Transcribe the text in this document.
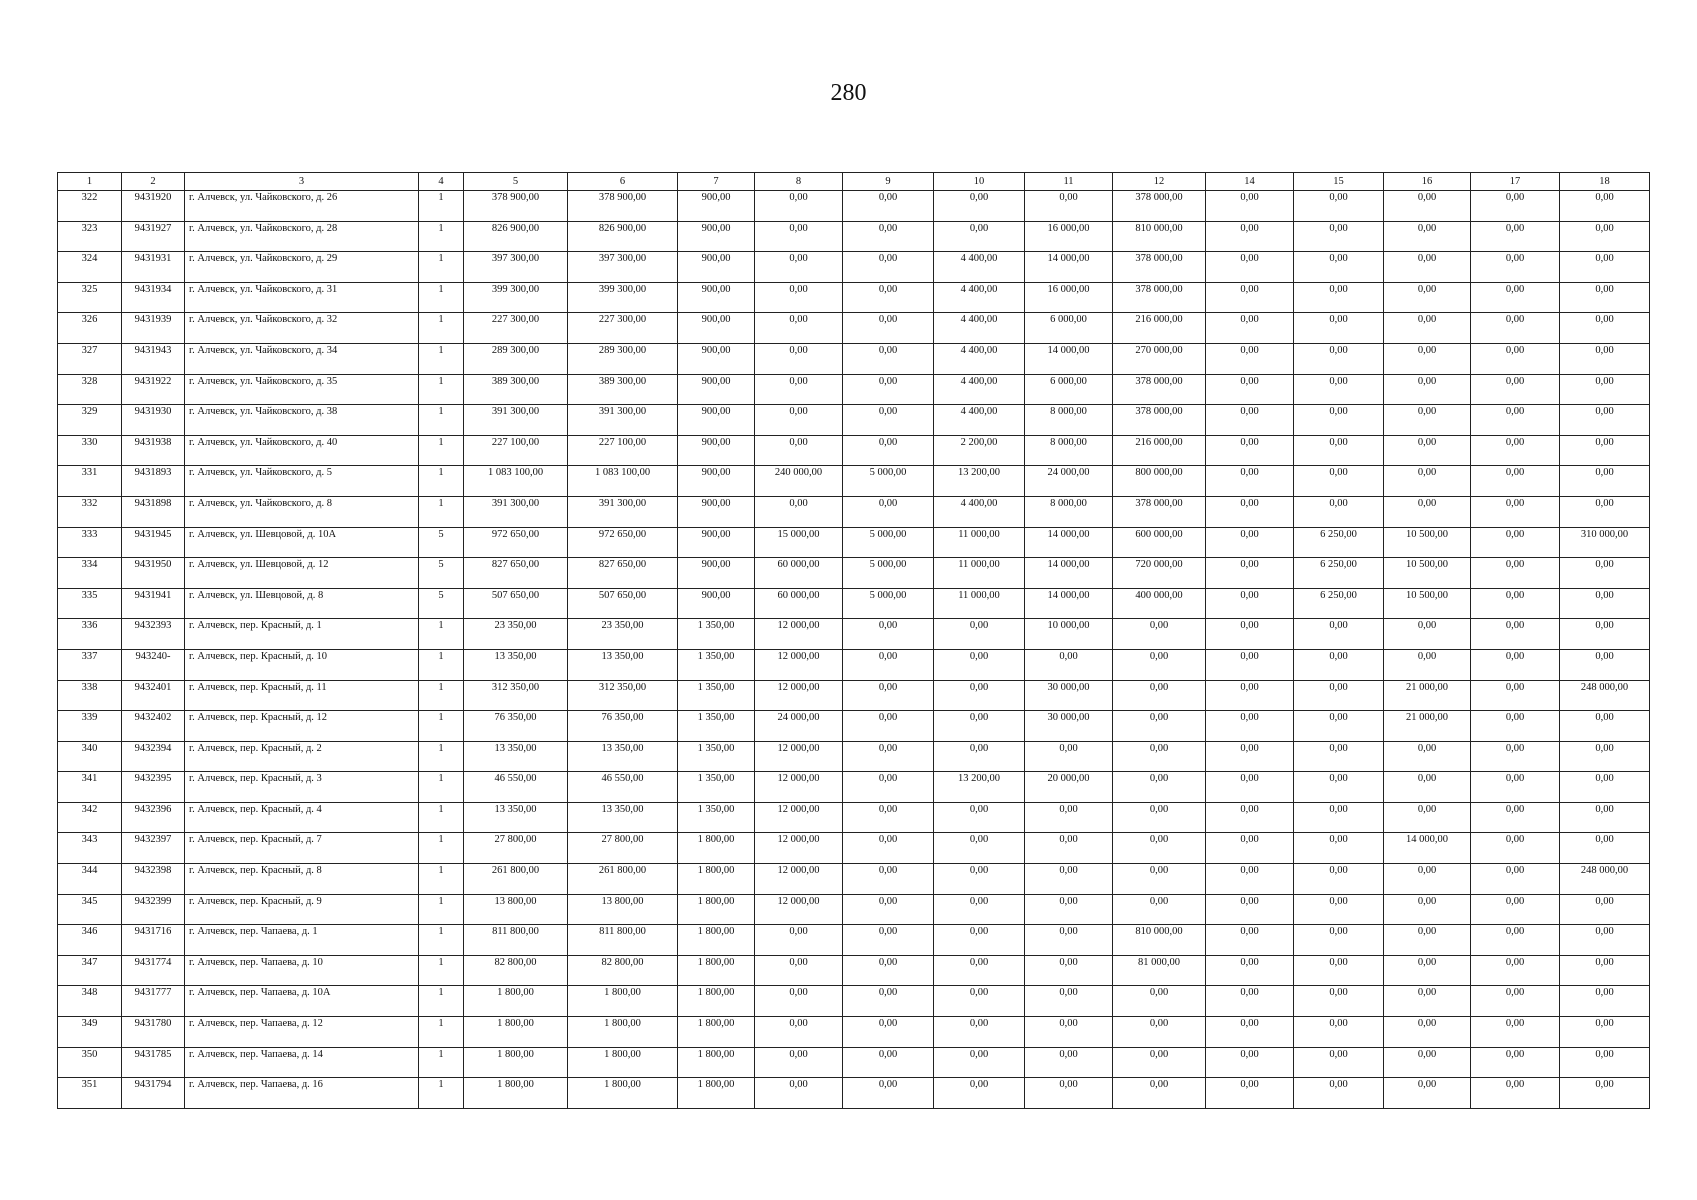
280
1	2	3	4	5	6	7	8	9	10	11	12	14	15	16	17	18
322	9431920	г. Алчевск, ул. Чайковского, д. 26	1	378 900,00	378 900,00	900,00	0,00	0,00	0,00	0,00	378 000,00	0,00	0,00	0,00	0,00	0,00
323	9431927	г. Алчевск, ул. Чайковского, д. 28	1	826 900,00	826 900,00	900,00	0,00	0,00	0,00	16 000,00	810 000,00	0,00	0,00	0,00	0,00	0,00
324	9431931	г. Алчевск, ул. Чайковского, д. 29	1	397 300,00	397 300,00	900,00	0,00	0,00	4 400,00	14 000,00	378 000,00	0,00	0,00	0,00	0,00	0,00
325	9431934	г. Алчевск, ул. Чайковского, д. 31	1	399 300,00	399 300,00	900,00	0,00	0,00	4 400,00	16 000,00	378 000,00	0,00	0,00	0,00	0,00	0,00
326	9431939	г. Алчевск, ул. Чайковского, д. 32	1	227 300,00	227 300,00	900,00	0,00	0,00	4 400,00	6 000,00	216 000,00	0,00	0,00	0,00	0,00	0,00
327	9431943	г. Алчевск, ул. Чайковского, д. 34	1	289 300,00	289 300,00	900,00	0,00	0,00	4 400,00	14 000,00	270 000,00	0,00	0,00	0,00	0,00	0,00
328	9431922	г. Алчевск, ул. Чайковского, д. 35	1	389 300,00	389 300,00	900,00	0,00	0,00	4 400,00	6 000,00	378 000,00	0,00	0,00	0,00	0,00	0,00
329	9431930	г. Алчевск, ул. Чайковского, д. 38	1	391 300,00	391 300,00	900,00	0,00	0,00	4 400,00	8 000,00	378 000,00	0,00	0,00	0,00	0,00	0,00
330	9431938	г. Алчевск, ул. Чайковского, д. 40	1	227 100,00	227 100,00	900,00	0,00	0,00	2 200,00	8 000,00	216 000,00	0,00	0,00	0,00	0,00	0,00
331	9431893	г. Алчевск, ул. Чайковского, д. 5	1	1 083 100,00	1 083 100,00	900,00	240 000,00	5 000,00	13 200,00	24 000,00	800 000,00	0,00	0,00	0,00	0,00	0,00
332	9431898	г. Алчевск, ул. Чайковского, д. 8	1	391 300,00	391 300,00	900,00	0,00	0,00	4 400,00	8 000,00	378 000,00	0,00	0,00	0,00	0,00	0,00
333	9431945	г. Алчевск, ул. Шевцовой, д. 10А	5	972 650,00	972 650,00	900,00	15 000,00	5 000,00	11 000,00	14 000,00	600 000,00	0,00	6 250,00	10 500,00	0,00	310 000,00
334	9431950	г. Алчевск, ул. Шевцовой, д. 12	5	827 650,00	827 650,00	900,00	60 000,00	5 000,00	11 000,00	14 000,00	720 000,00	0,00	6 250,00	10 500,00	0,00	0,00
335	9431941	г. Алчевск, ул. Шевцовой, д. 8	5	507 650,00	507 650,00	900,00	60 000,00	5 000,00	11 000,00	14 000,00	400 000,00	0,00	6 250,00	10 500,00	0,00	0,00
336	9432393	г. Алчевск, пер. Красный, д. 1	1	23 350,00	23 350,00	1 350,00	12 000,00	0,00	0,00	10 000,00	0,00	0,00	0,00	0,00	0,00	0,00
337	943240-	г. Алчевск, пер. Красный, д. 10	1	13 350,00	13 350,00	1 350,00	12 000,00	0,00	0,00	0,00	0,00	0,00	0,00	0,00	0,00	0,00
338	9432401	г. Алчевск, пер. Красный, д. 11	1	312 350,00	312 350,00	1 350,00	12 000,00	0,00	0,00	30 000,00	0,00	0,00	0,00	21 000,00	0,00	248 000,00
339	9432402	г. Алчевск, пер. Красный, д. 12	1	76 350,00	76 350,00	1 350,00	24 000,00	0,00	0,00	30 000,00	0,00	0,00	0,00	21 000,00	0,00	0,00
340	9432394	г. Алчевск, пер. Красный, д. 2	1	13 350,00	13 350,00	1 350,00	12 000,00	0,00	0,00	0,00	0,00	0,00	0,00	0,00	0,00	0,00
341	9432395	г. Алчевск, пер. Красный, д. 3	1	46 550,00	46 550,00	1 350,00	12 000,00	0,00	13 200,00	20 000,00	0,00	0,00	0,00	0,00	0,00	0,00
342	9432396	г. Алчевск, пер. Красный, д. 4	1	13 350,00	13 350,00	1 350,00	12 000,00	0,00	0,00	0,00	0,00	0,00	0,00	0,00	0,00	0,00
343	9432397	г. Алчевск, пер. Красный, д. 7	1	27 800,00	27 800,00	1 800,00	12 000,00	0,00	0,00	0,00	0,00	0,00	0,00	14 000,00	0,00	0,00
344	9432398	г. Алчевск, пер. Красный, д. 8	1	261 800,00	261 800,00	1 800,00	12 000,00	0,00	0,00	0,00	0,00	0,00	0,00	0,00	0,00	248 000,00
345	9432399	г. Алчевск, пер. Красный, д. 9	1	13 800,00	13 800,00	1 800,00	12 000,00	0,00	0,00	0,00	0,00	0,00	0,00	0,00	0,00	0,00
346	9431716	г. Алчевск, пер. Чапаева, д. 1	1	811 800,00	811 800,00	1 800,00	0,00	0,00	0,00	0,00	810 000,00	0,00	0,00	0,00	0,00	0,00
347	9431774	г. Алчевск, пер. Чапаева, д. 10	1	82 800,00	82 800,00	1 800,00	0,00	0,00	0,00	0,00	81 000,00	0,00	0,00	0,00	0,00	0,00
348	9431777	г. Алчевск, пер. Чапаева, д. 10А	1	1 800,00	1 800,00	1 800,00	0,00	0,00	0,00	0,00	0,00	0,00	0,00	0,00	0,00	0,00
349	9431780	г. Алчевск, пер. Чапаева, д. 12	1	1 800,00	1 800,00	1 800,00	0,00	0,00	0,00	0,00	0,00	0,00	0,00	0,00	0,00	0,00
350	9431785	г. Алчевск, пер. Чапаева, д. 14	1	1 800,00	1 800,00	1 800,00	0,00	0,00	0,00	0,00	0,00	0,00	0,00	0,00	0,00	0,00
351	9431794	г. Алчевск, пер. Чапаева, д. 16	1	1 800,00	1 800,00	1 800,00	0,00	0,00	0,00	0,00	0,00	0,00	0,00	0,00	0,00	0,00
